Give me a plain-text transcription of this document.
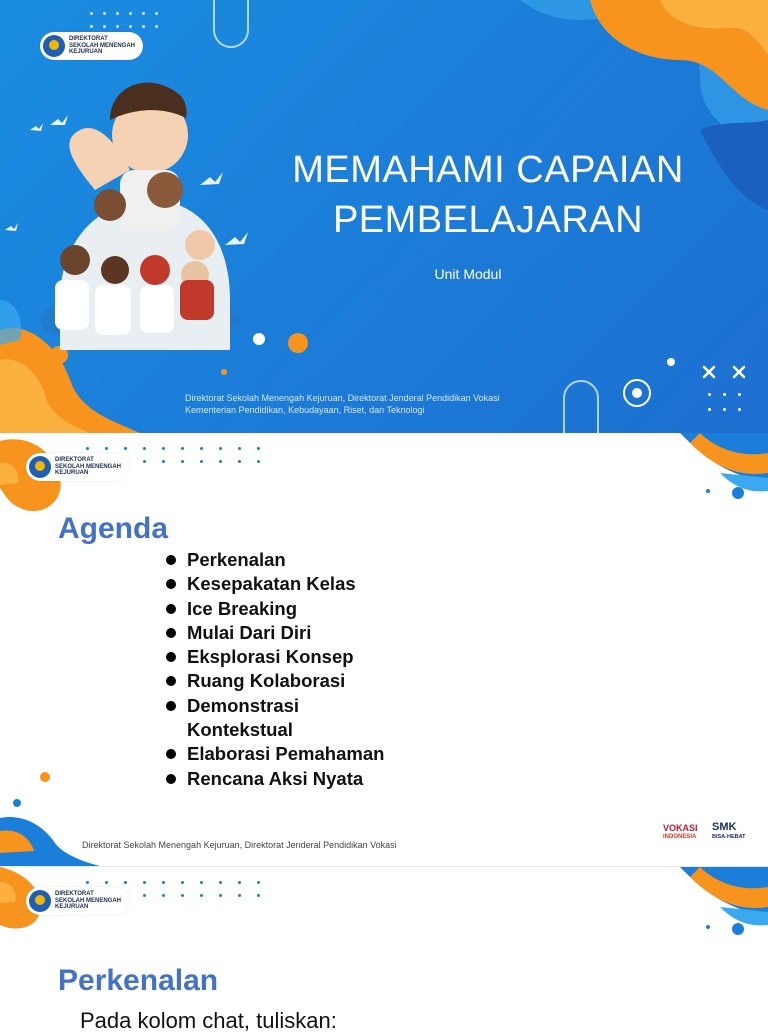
DIREKTORAT
SEKOLAH MENENGAH
KEJURUAN
MEMAHAMI CAPAIAN
PEMBELAJARAN
Unit Modul
Direktorat Sekolah Menengah Kejuruan, Direktorat Jenderal Pendidikan Vokasi
Kementerian Pendidikan, Kebudayaan, Riset, dan Teknologi
DIREKTORAT
SEKOLAH MENENGAH
KEJURUAN
Agenda
Perkenalan
Kesepakatan Kelas
Ice Breaking
Mulai Dari Diri
Eksplorasi Konsep
Ruang Kolaborasi
Demonstrasi Kontekstual
Elaborasi Pemahaman
Rencana Aksi Nyata
Direktorat Sekolah Menengah Kejuruan, Direktorat Jenderal Pendidikan Vokasi
VOKASI
INDONESIA
SMK
BISA-HEBAT
DIREKTORAT
SEKOLAH MENENGAH
KEJURUAN
Perkenalan
Pada kolom chat, tuliskan:
